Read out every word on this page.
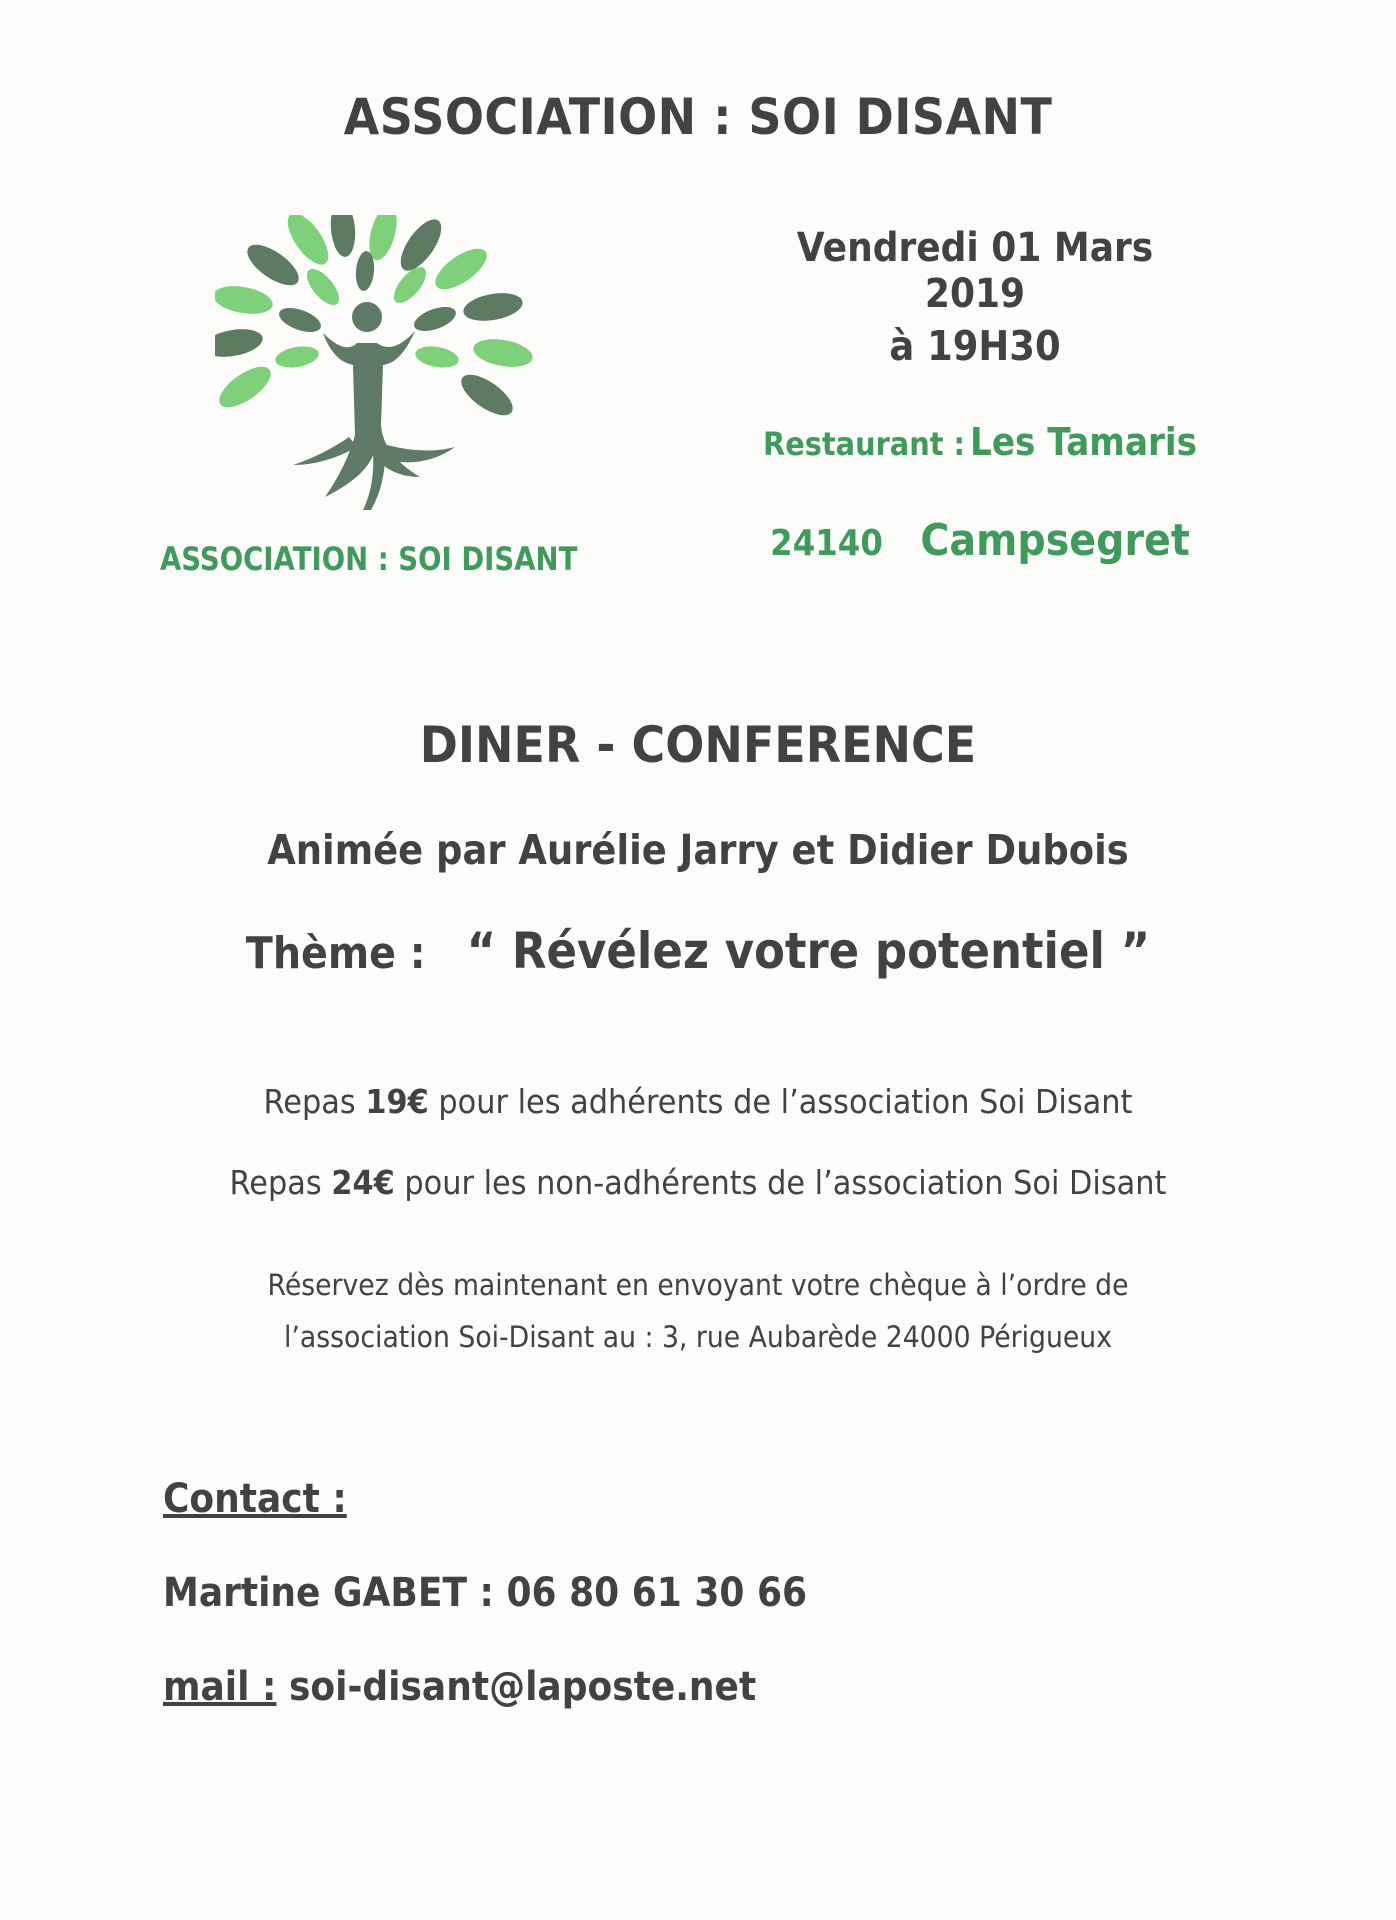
ASSOCIATION : SOI DISANT
ASSOCIATION : SOI DISANT
Vendredi 01 Mars 2019
à 19H30
Restaurant : Les Tamaris
24140 Campsegret
DINER - CONFERENCE
Animée par Aurélie Jarry et Didier Dubois
Thème : “ Révélez votre potentiel ”
Repas 19€ pour les adhérents de l’association Soi Disant
Repas 24€ pour les non-adhérents de l’association Soi Disant
Réservez dès maintenant en envoyant votre chèque à l’ordre de
l’association Soi-Disant au : 3, rue Aubarède 24000 Périgueux
Contact :
Martine GABET : 06 80 61 30 66
mail : soi-disant@laposte.net
